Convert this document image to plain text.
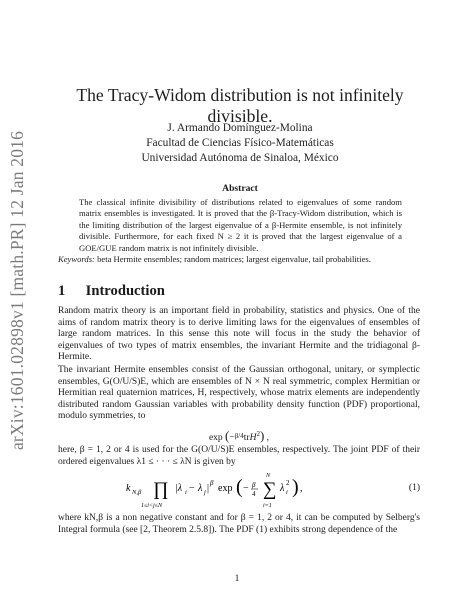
arXiv:1601.02898v1 [math.PR] 12 Jan 2016
The Tracy-Widom distribution is not infinitely divisible.
J. Armando Domínguez-Molina
Facultad de Ciencias Físico-Matemáticas
Universidad Autónoma de Sinaloa, México
Abstract
The classical infinite divisibility of distributions related to eigenvalues of some random matrix ensembles is investigated. It is proved that the β-Tracy-Widom distribution, which is the limiting distribution of the largest eigenvalue of a β-Hermite ensemble, is not infinitely divisible. Furthermore, for each fixed N ≥ 2 it is proved that the largest eigenvalue of a GOE/GUE random matrix is not infinitely divisible.
Keywords: beta Hermite ensembles; random matrices; largest eigenvalue, tail probabilities.
1 Introduction
Random matrix theory is an important field in probability, statistics and physics. One of the aims of random matrix theory is to derive limiting laws for the eigenvalues of ensembles of large random matrices. In this sense this note will focus in the study the behavior of eigenvalues of two types of matrix ensembles, the invariant Hermite and the tridiagonal β-Hermite.
The invariant Hermite ensembles consist of the Gaussian orthogonal, unitary, or symplectic ensembles, G(O/U/S)E, which are ensembles of N × N real symmetric, complex Hermitian or Hermitian real quaternion matrices, H, respectively, whose matrix elements are independently distributed random Gaussian variables with probability density function (PDF) proportional, modulo symmetries, to
exp (−$^{\beta/4}$trH$^2$) ,
here, β = 1, 2 or 4 is used for the G(O/U/S)E ensembles, respectively. The joint PDF of their ordered eigenvalues λ1 ≤ · · · ≤ λN is given by
k N,β ∏
1≤i<j≤N
|λ i − λ j | β exp ( − β
4 ∑
N
i=1
λ 2
i ) ,	(1)
where kN,β is a non negative constant and for β = 1, 2 or 4, it can be computed by Selberg's Integral formula (see [2, Theorem 2.5.8]). The PDF (1) exhibits strong dependence of the
1
